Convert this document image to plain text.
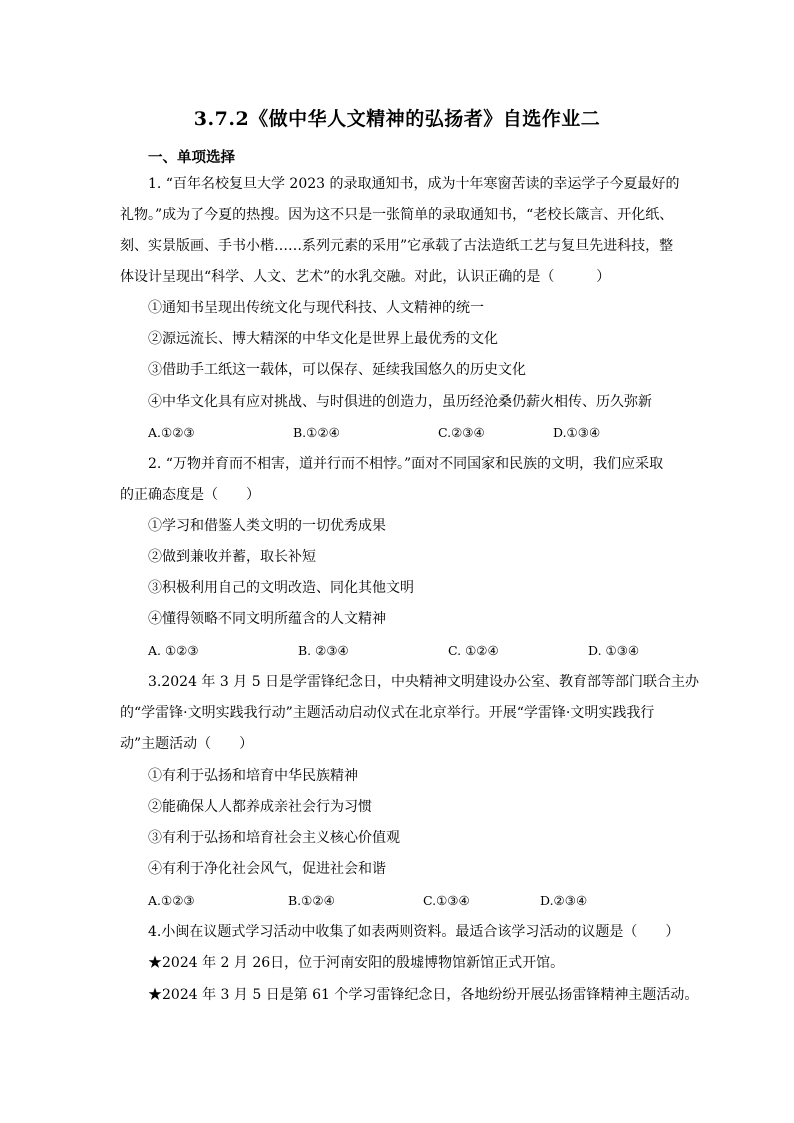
3.7.2《做中华人文精神的弘扬者》自选作业二
一、单项选择
1. “百年名校复旦大学 2023 的录取通知书，成为十年寒窗苦读的幸运学子今夏最好的
礼物。”成为了今夏的热搜。因为这不只是一张简单的录取通知书，“老校长箴言、开化纸、
刻、实景版画、手书小楷……系列元素的采用”它承载了古法造纸工艺与复旦先进科技，整
体设计呈现出“科学、人文、艺术”的水乳交融。对此，认识正确的是（　　　）
①通知书呈现出传统文化与现代科技、人文精神的统一
②源远流长、博大精深的中华文化是世界上最优秀的文化
③借助手工纸这一载体，可以保存、延续我国悠久的历史文化
④中华文化具有应对挑战、与时俱进的创造力，虽历经沧桑仍薪火相传、历久弥新
A.①②③	B.①②④	C.②③④	D.①③④
2. “万物并育而不相害，道并行而不相悖。”面对不同国家和民族的文明，我们应采取
的正确态度是（　　）
①学习和借鉴人类文明的一切优秀成果
②做到兼收并蓄，取长补短
③积极利用自己的文明改造、同化其他文明
④懂得领略不同文明所蕴含的人文精神
A. ①②③	B. ②③④	C. ①②④	D. ①③④
3.2024 年 3 月 5 日是学雷锋纪念日，中央精神文明建设办公室、教育部等部门联合主办
的“学雷锋·文明实践我行动”主题活动启动仪式在北京举行。开展“学雷锋·文明实践我行
动”主题活动（　　）
①有利于弘扬和培育中华民族精神
②能确保人人都养成亲社会行为习惯
③有利于弘扬和培育社会主义核心价值观
④有利于净化社会风气，促进社会和谐
A.①②③	B.①②④	C.①③④	D.②③④
4.小闽在议题式学习活动中收集了如表两则资料。最适合该学习活动的议题是（　　）
★2024 年 2 月 26日，位于河南安阳的殷墟博物馆新馆正式开馆。
★2024 年 3 月 5 日是第 61 个学习雷锋纪念日，各地纷纷开展弘扬雷锋精神主题活动。
